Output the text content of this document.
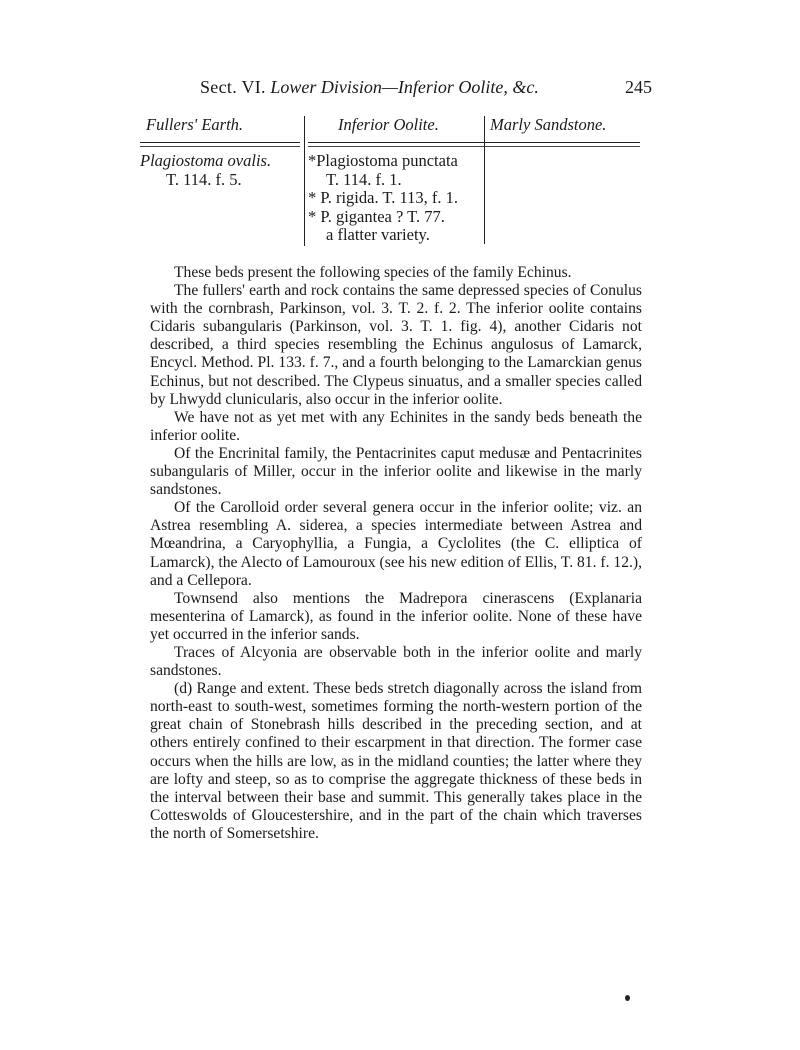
Sect. VI. Lower Division—Inferior Oolite, &c.	245
Fullers' Earth.
Plagiostoma ovalis.
T. 114. f. 5.
Inferior Oolite.
*Plagiostoma punctata
T. 114. f. 1.
* P. rigida. T. 113, f. 1.
* P. gigantea ? T. 77.
a flatter variety.
Marly Sandstone.

These beds present the following species of the family Echinus.

The fullers' earth and rock contains the same depressed species of Conulus with the cornbrash, Parkinson, vol. 3. T. 2. f. 2. The inferior oolite contains Cidaris subangularis (Parkinson, vol. 3. T. 1. fig. 4), another Cidaris not described, a third species resembling the Echinus angulosus of Lamarck, Encycl. Method. Pl. 133. f. 7., and a fourth belonging to the Lamarckian genus Echinus, but not described. The Clypeus sinuatus, and a smaller species called by Lhwydd clunicularis, also occur in the inferior oolite.

We have not as yet met with any Echinites in the sandy beds beneath the inferior oolite.

Of the Encrinital family, the Pentacrinites caput medusæ and Pentacrinites subangularis of Miller, occur in the inferior oolite and likewise in the marly sandstones.

Of the Carolloid order several genera occur in the inferior oolite; viz. an Astrea resembling A. siderea, a species intermediate between Astrea and Mœandrina, a Caryophyllia, a Fungia, a Cyclolites (the C. elliptica of Lamarck), the Alecto of Lamouroux (see his new edition of Ellis, T. 81. f. 12.), and a Cellepora.

Townsend also mentions the Madrepora cinerascens (Explanaria mesenterina of Lamarck), as found in the inferior oolite. None of these have yet occurred in the inferior sands.

Traces of Alcyonia are observable both in the inferior oolite and marly sandstones.

(d) Range and extent. These beds stretch diagonally across the island from north-east to south-west, sometimes forming the north-western portion of the great chain of Stonebrash hills described in the preceding section, and at others entirely confined to their escarpment in that direction. The former case occurs when the hills are low, as in the midland counties; the latter where they are lofty and steep, so as to comprise the aggregate thickness of these beds in the interval between their base and summit. This generally takes place in the Cotteswolds of Gloucestershire, and in the part of the chain which traverses the north of Somersetshire.
